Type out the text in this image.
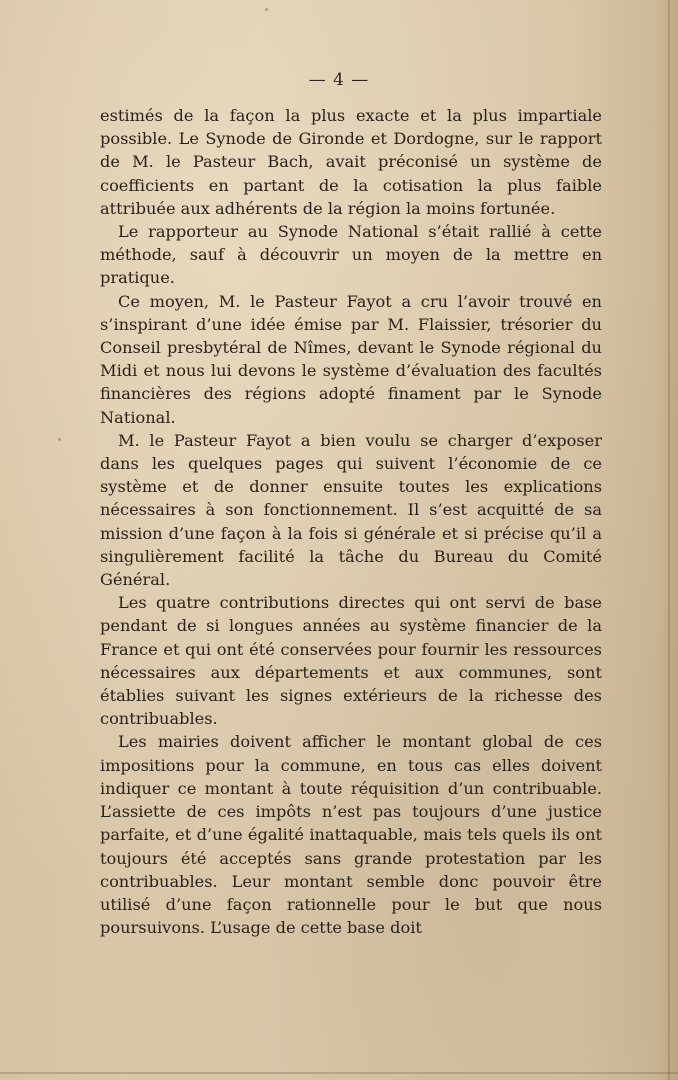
— 4 —

estimés de la façon la plus exacte et la plus impartiale possible. Le Synode de Gironde et Dordogne, sur le rapport de M. le Pasteur Bach, avait préconisé un système de coefficients en partant de la cotisation la plus faible attribuée aux adhérents de la région la moins fortunée.

Le rapporteur au Synode National s’était rallié à cette méthode, sauf à découvrir un moyen de la mettre en pratique.

Ce moyen, M. le Pasteur Fayot a cru l’avoir trouvé en s’inspirant d’une idée émise par M. Flaissier, trésorier du Conseil presbytéral de Nîmes, devant le Synode régional du Midi et nous lui devons le système d’évaluation des facultés financières des régions adopté finament par le Synode National.

M. le Pasteur Fayot a bien voulu se charger d’exposer dans les quelques pages qui suivent l’économie de ce système et de donner ensuite toutes les explications nécessaires à son fonctionnement. Il s’est acquitté de sa mission d’une façon à la fois si générale et si précise qu’il a singulièrement facilité la tâche du Bureau du Comité Général.

Les quatre contributions directes qui ont servi de base pendant de si longues années au système financier de la France et qui ont été conservées pour fournir les ressources nécessaires aux départements et aux communes, sont établies suivant les signes extérieurs de la richesse des contribuables.

Les mairies doivent afficher le montant global de ces impositions pour la commune, en tous cas elles doivent indiquer ce montant à toute réquisition d’un contribuable. L’assiette de ces impôts n’est pas toujours d’une justice parfaite, et d’une égalité inattaquable, mais tels quels ils ont toujours été acceptés sans grande protestation par les contribuables. Leur montant semble donc pouvoir être utilisé d’une façon rationnelle pour le but que nous poursuivons. L’usage de cette base doit
